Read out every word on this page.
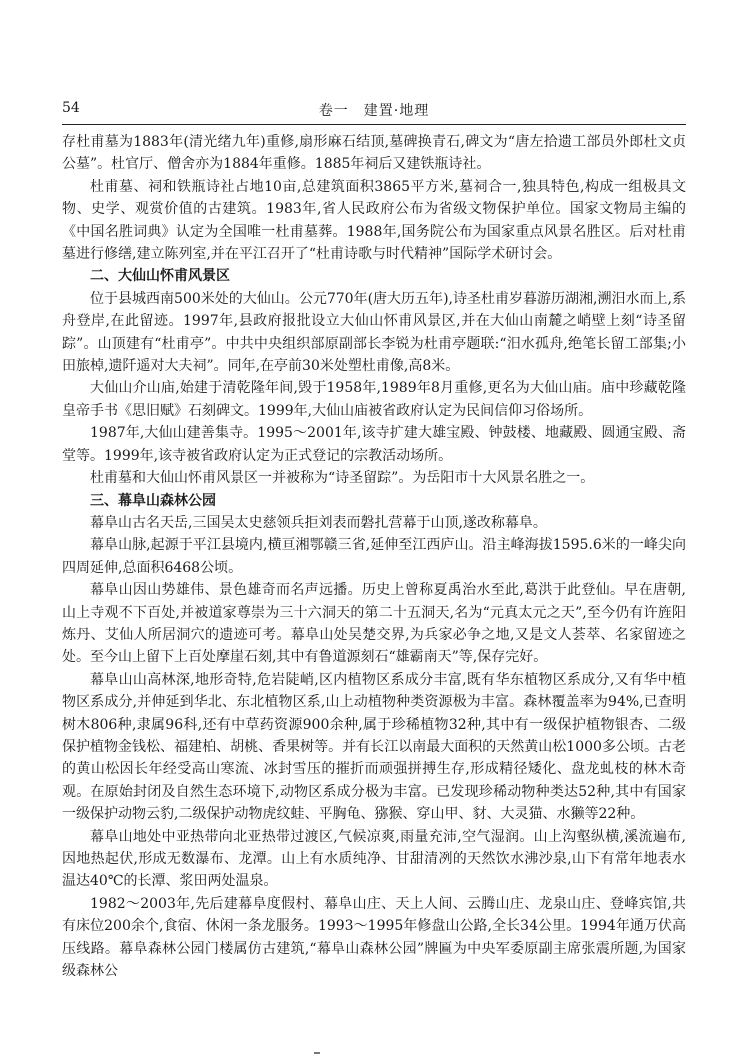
54	卷一　建置·地理

存杜甫墓为1883年(清光绪九年)重修,扇形麻石结顶,墓碑换青石,碑文为“唐左拾遗工部员外郎杜文贞公墓”。杜官厅、僧舍亦为1884年重修。1885年祠后又建铁瓶诗社。

杜甫墓、祠和铁瓶诗社占地10亩,总建筑面积3865平方米,墓祠合一,独具特色,构成一组极具文物、史学、观赏价值的古建筑。1983年,省人民政府公布为省级文物保护单位。国家文物局主编的《中国名胜词典》认定为全国唯一杜甫墓葬。1988年,国务院公布为国家重点风景名胜区。后对杜甫墓进行修缮,建立陈列室,并在平江召开了“杜甫诗歌与时代精神”国际学术研讨会。

二、大仙山怀甫风景区

位于县城西南500米处的大仙山。公元770年(唐大历五年),诗圣杜甫岁暮游历湖湘,溯汨水而上,系舟登岸,在此留迹。1997年,县政府报批设立大仙山怀甫风景区,并在大仙山南麓之峭壁上刻“诗圣留踪”。山顶建有“杜甫亭”。中共中央组织部原副部长李锐为杜甫亭题联:“汨水孤舟,绝笔长留工部集;小田旅棹,遗阡遥对大夫祠”。同年,在亭前30米处塑杜甫像,高8米。

大仙山介山庙,始建于清乾隆年间,毁于1958年,1989年8月重修,更名为大仙山庙。庙中珍藏乾隆皇帝手书《思旧赋》石刻碑文。1999年,大仙山庙被省政府认定为民间信仰习俗场所。

1987年,大仙山建善集寺。1995～2001年,该寺扩建大雄宝殿、钟鼓楼、地藏殿、圆通宝殿、斋堂等。1999年,该寺被省政府认定为正式登记的宗教活动场所。

杜甫墓和大仙山怀甫风景区一并被称为“诗圣留踪”。为岳阳市十大风景名胜之一。

三、幕阜山森林公园

幕阜山古名天岳,三国吴太史慈领兵拒刘表而磐扎营幕于山顶,遂改称幕阜。

幕阜山脉,起源于平江县境内,横亘湘鄂赣三省,延伸至江西庐山。沿主峰海拔1595.6米的一峰尖向四周延伸,总面积6468公顷。

幕阜山因山势雄伟、景色雄奇而名声远播。历史上曾称夏禹治水至此,葛洪于此登仙。早在唐朝,山上寺观不下百处,并被道家尊崇为三十六洞天的第二十五洞天,名为“元真太元之天”,至今仍有许旌阳炼丹、艾仙人所居洞穴的遗迹可考。幕阜山处吴楚交界,为兵家必争之地,又是文人荟萃、名家留迹之处。至今山上留下上百处摩崖石刻,其中有鲁道源刻石“雄霸南天”等,保存完好。

幕阜山山高林深,地形奇特,危岩陡峭,区内植物区系成分丰富,既有华东植物区系成分,又有华中植物区系成分,并伸延到华北、东北植物区系,山上动植物种类资源极为丰富。森林覆盖率为94%,已查明树木806种,隶属96科,还有中草药资源900余种,属于珍稀植物32种,其中有一级保护植物银杏、二级保护植物金钱松、福建柏、胡桃、香果树等。并有长江以南最大面积的天然黄山松1000多公顷。古老的黄山松因长年经受高山寒流、冰封雪压的摧折而顽强拼搏生存,形成精径矮化、盘龙虬枝的林木奇观。在原始封闭及自然生态环境下,动物区系成分极为丰富。已发现珍稀动物种类达52种,其中有国家一级保护动物云豹,二级保护动物虎纹蛙、平胸龟、猕猴、穿山甲、豺、大灵猫、水獭等22种。

幕阜山地处中亚热带向北亚热带过渡区,气候凉爽,雨量充沛,空气湿润。山上沟壑纵横,溪流遍布,因地热起伏,形成无数瀑布、龙潭。山上有水质纯净、甘甜清冽的天然饮水沸沙泉,山下有常年地表水温达40℃的长潭、浆田两处温泉。

1982～2003年,先后建幕阜度假村、幕阜山庄、天上人间、云腾山庄、龙泉山庄、登峰宾馆,共有床位200余个,食宿、休闲一条龙服务。1993～1995年修盘山公路,全长34公里。1994年通万伏高压线路。幕阜森林公园门楼属仿古建筑,“幕阜山森林公园”牌匾为中央军委原副主席张震所题,为国家级森林公
